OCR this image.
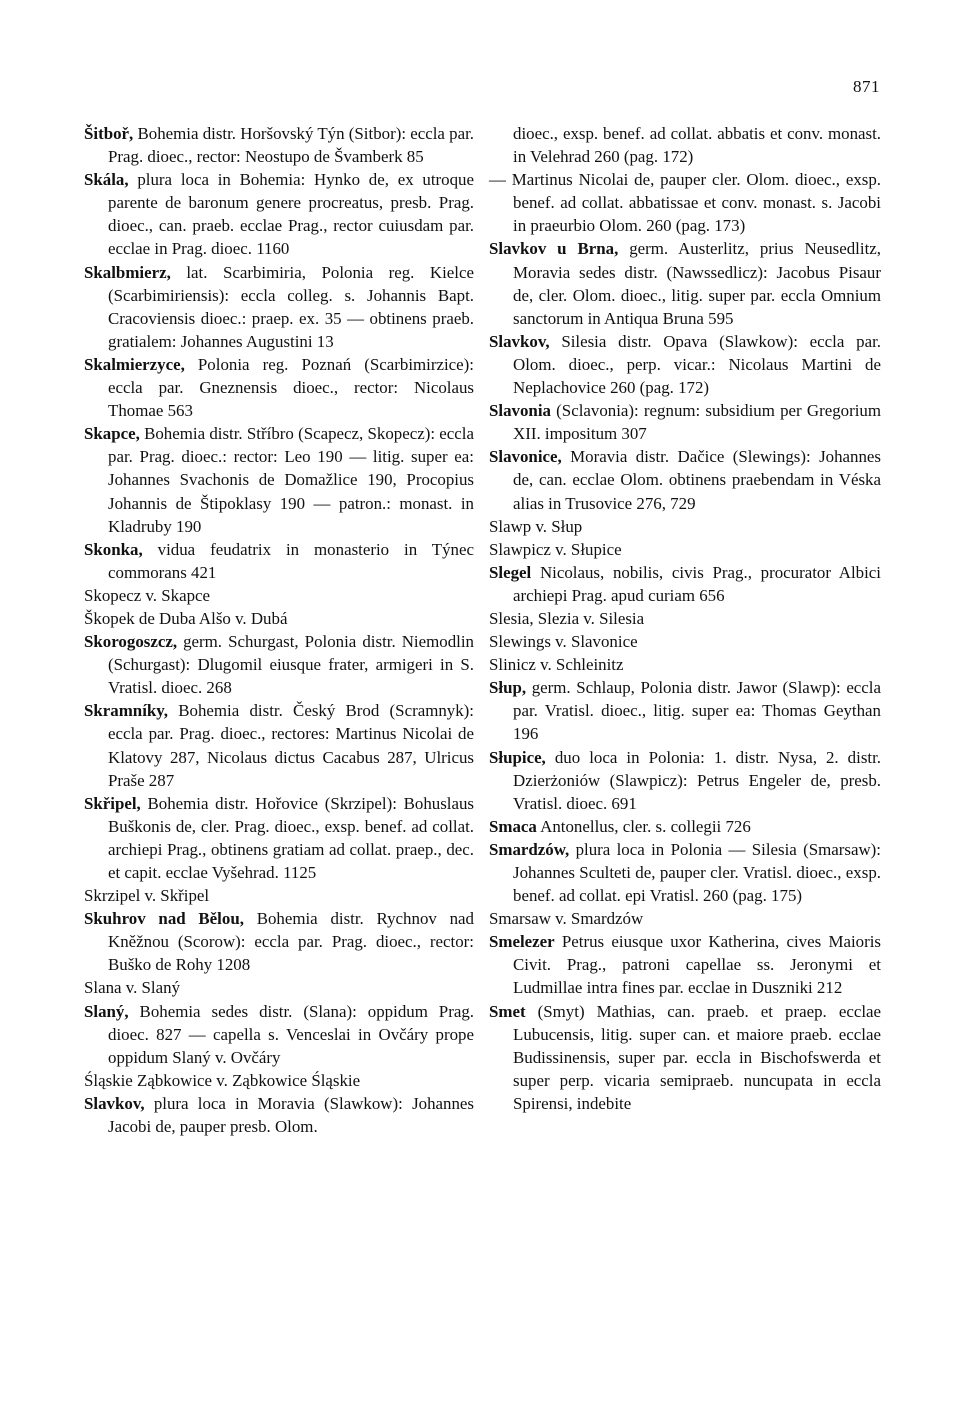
871
Šitboř, Bohemia distr. Horšovský Týn (Sitbor): eccla par. Prag. dioec., rector: Neostupo de Švamberk 85
Skála, plura loca in Bohemia: Hynko de, ex utroque parente de baronum genere procreatus, presb. Prag. dioec., can. praeb. ecclae Prag., rector cuiusdam par. ecclae in Prag. dioec. 1160
Skalbmierz, lat. Scarbimiria, Polonia reg. Kielce (Scarbimiriensis): eccla colleg. s. Johannis Bapt. Cracoviensis dioec.: praep. ex. 35 — obtinens praeb. gratialem: Johannes Augustini 13
Skalmierzyce, Polonia reg. Poznań (Scarbimirzice): eccla par. Gneznensis dioec., rector: Nicolaus Thomae 563
Skapce, Bohemia distr. Stříbro (Scapecz, Skopecz): eccla par. Prag. dioec.: rector: Leo 190 — litig. super ea: Johannes Svachonis de Domažlice 190, Procopius Johannis de Štipoklasy 190 — patron.: monast. in Kladruby 190
Skonka, vidua feudatrix in monasterio in Týnec commorans 421
Skopecz v. Skapce
Škopek de Duba Alšo v. Dubá
Skorogoszcz, germ. Schurgast, Polonia distr. Niemodlin (Schurgast): Dlugomil eiusque frater, armigeri in S. Vratisl. dioec. 268
Skramníky, Bohemia distr. Český Brod (Scramnyk): eccla par. Prag. dioec., rectores: Martinus Nicolai de Klatovy 287, Nicolaus dictus Cacabus 287, Ulricus Praše 287
Skřipel, Bohemia distr. Hořovice (Skrzipel): Bohuslaus Buškonis de, cler. Prag. dioec., exsp. benef. ad collat. archiepi Prag., obtinens gratiam ad collat. praep., dec. et capit. ecclae Vyšehrad. 1125
Skrzipel v. Skřipel
Skuhrov nad Bělou, Bohemia distr. Rychnov nad Kněžnou (Scorow): eccla par. Prag. dioec., rector: Buško de Rohy 1208
Slana v. Slaný
Slaný, Bohemia sedes distr. (Slana): oppidum Prag. dioec. 827 — capella s. Venceslai in Ovčáry prope oppidum Slaný v. Ovčáry
Śląskie Ząbkowice v. Ząbkowice Śląskie
Slavkov, plura loca in Moravia (Slawkow): Johannes Jacobi de, pauper presb. Olom.
dioec., exsp. benef. ad collat. abbatis et conv. monast. in Velehrad 260 (pag. 172)
— Martinus Nicolai de, pauper cler. Olom. dioec., exsp. benef. ad collat. abbatissae et conv. monast. s. Jacobi in praeurbio Olom. 260 (pag. 173)
Slavkov u Brna, germ. Austerlitz, prius Neusedlitz, Moravia sedes distr. (Nawssedlicz): Jacobus Pisaur de, cler. Olom. dioec., litig. super par. eccla Omnium sanctorum in Antiqua Bruna 595
Slavkov, Silesia distr. Opava (Slawkow): eccla par. Olom. dioec., perp. vicar.: Nicolaus Martini de Neplachovice 260 (pag. 172)
Slavonia (Sclavonia): regnum: subsidium per Gregorium XII. impositum 307
Slavonice, Moravia distr. Dačice (Slewings): Johannes de, can. ecclae Olom. obtinens praebendam in Véska alias in Trusovice 276, 729
Slawp v. Słup
Slawpicz v. Słupice
Slegel Nicolaus, nobilis, civis Prag., procurator Albici archiepi Prag. apud curiam 656
Slesia, Slezia v. Silesia
Slewings v. Slavonice
Slinicz v. Schleinitz
Słup, germ. Schlaup, Polonia distr. Jawor (Slawp): eccla par. Vratisl. dioec., litig. super ea: Thomas Geythan 196
Słupice, duo loca in Polonia: 1. distr. Nysa, 2. distr. Dzierżoniów (Slawpicz): Petrus Engeler de, presb. Vratisl. dioec. 691
Smaca Antonellus, cler. s. collegii 726
Smardzów, plura loca in Polonia — Silesia (Smarsaw): Johannes Sculteti de, pauper cler. Vratisl. dioec., exsp. benef. ad collat. epi Vratisl. 260 (pag. 175)
Smarsaw v. Smardzów
Smelezer Petrus eiusque uxor Katherina, cives Maioris Civit. Prag., patroni capellae ss. Jeronymi et Ludmillae intra fines par. ecclae in Duszniki 212
Smet (Smyt) Mathias, can. praeb. et praep. ecclae Lubucensis, litig. super can. et maiore praeb. ecclae Budissinensis, super par. eccla in Bischofswerda et super perp. vicaria semipraeb. nuncupata in eccla Spirensi, indebite
